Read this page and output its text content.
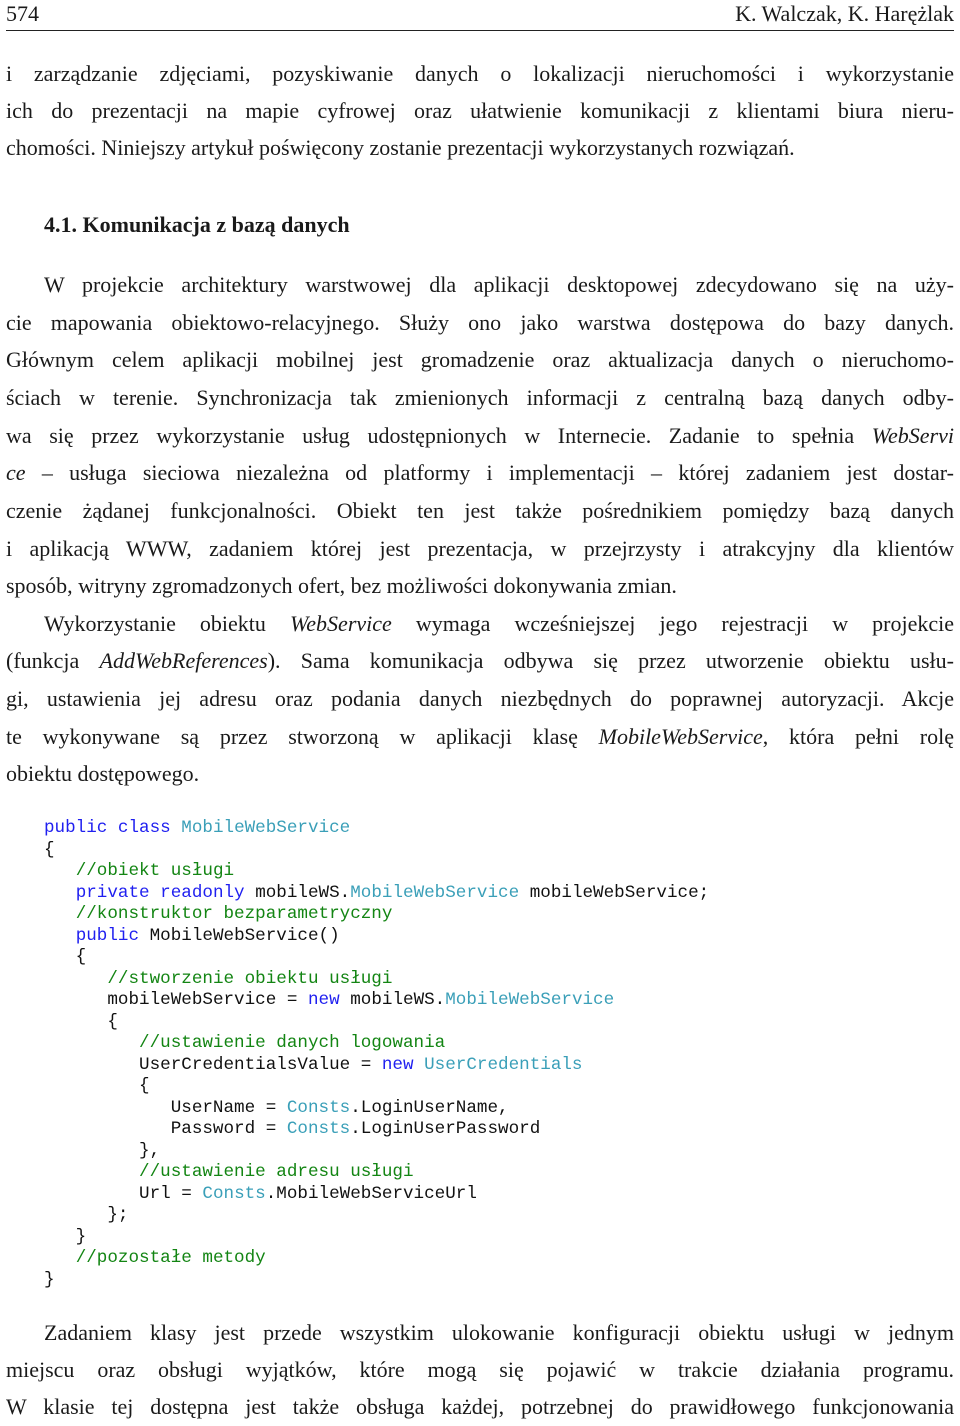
574	K. Walczak, K. Harężlak
i zarządzanie zdjęciami, pozyskiwanie danych o lokalizacji nieruchomości i wykorzystanie
ich do prezentacji na mapie cyfrowej oraz ułatwienie komunikacji z klientami biura nieru-
chomości. Niniejszy artykuł poświęcony zostanie prezentacji wykorzystanych rozwiązań.
4.1. Komunikacja z bazą danych
W projekcie architektury warstwowej dla aplikacji desktopowej zdecydowano się na uży-
cie mapowania obiektowo-relacyjnego. Służy ono jako warstwa dostępowa do bazy danych.
Głównym celem aplikacji mobilnej jest gromadzenie oraz aktualizacja danych o nieruchomo-
ściach w terenie. Synchronizacja tak zmienionych informacji z centralną bazą danych odby-
wa się przez wykorzystanie usług udostępnionych w Internecie. Zadanie to spełnia WebServi
ce – usługa sieciowa niezależna od platformy i implementacji – której zadaniem jest dostar-
czenie żądanej funkcjonalności. Obiekt ten jest także pośrednikiem pomiędzy bazą danych
i aplikacją WWW, zadaniem której jest prezentacja, w przejrzysty i atrakcyjny dla klientów
sposób, witryny zgromadzonych ofert, bez możliwości dokonywania zmian.
Wykorzystanie obiektu WebService wymaga wcześniejszej jego rejestracji w projekcie
(funkcja AddWebReferences). Sama komunikacja odbywa się przez utworzenie obiektu usłu-
gi, ustawienia jej adresu oraz podania danych niezbędnych do poprawnej autoryzacji. Akcje
te wykonywane są przez stworzoną w aplikacji klasę MobileWebService, która pełni rolę
obiektu dostępowego.
public class MobileWebService
{
//obiekt usługi
private readonly mobileWS.MobileWebService mobileWebService;
//konstruktor bezparametryczny
public MobileWebService()
{
//stworzenie obiektu usługi
mobileWebService = new mobileWS.MobileWebService
{
//ustawienie danych logowania
UserCredentialsValue = new UserCredentials
{
UserName = Consts.LoginUserName,
Password = Consts.LoginUserPassword
},
//ustawienie adresu usługi
Url = Consts.MobileWebServiceUrl
};
}
//pozostałe metody
}
Zadaniem klasy jest przede wszystkim ulokowanie konfiguracji obiektu usługi w jednym
miejscu oraz obsługi wyjątków, które mogą się pojawić w trakcie działania programu.
W klasie tej dostępna jest także obsługa każdej, potrzebnej do prawidłowego funkcjonowania
